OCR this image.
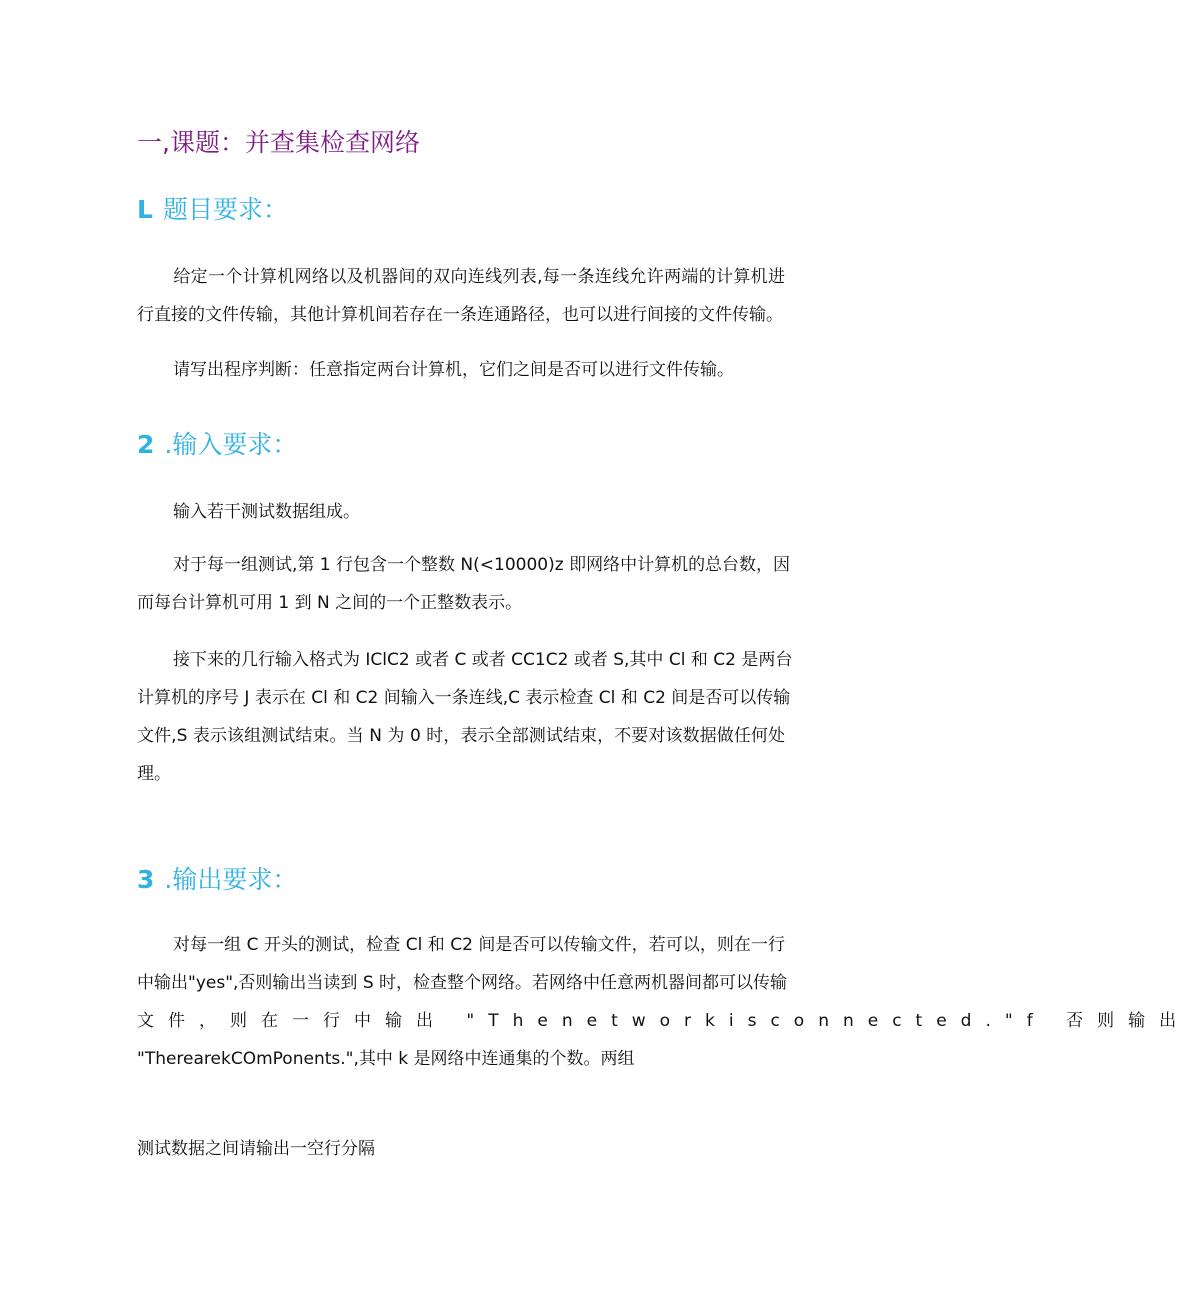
一,课题：并查集检查网络
L 题目要求：
给定一个计算机网络以及机器间的双向连线列表,每一条连线允许两端的计算机进
行直接的文件传输，其他计算机间若存在一条连通路径，也可以进行间接的文件传输。
请写出程序判断：任意指定两台计算机，它们之间是否可以进行文件传输。
2 .输入要求：
输入若干测试数据组成。
对于每一组测试,第 1 行包含一个整数 N(<10000)z 即网络中计算机的总台数，因
而每台计算机可用 1 到 N 之间的一个正整数表示。
接下来的几行输入格式为 IClC2 或者 C 或者 CC1C2 或者 S,其中 Cl 和 C2 是两台
计算机的序号 J 表示在 Cl 和 C2 间输入一条连线,C 表示检查 Cl 和 C2 间是否可以传输
文件,S 表示该组测试结束。当 N 为 0 时，表示全部测试结束，不要对该数据做任何处
理。
3 .输出要求：
对每一组 C 开头的测试，检查 Cl 和 C2 间是否可以传输文件，若可以，则在一行
中输出"yes",否则输出当读到 S 时，检查整个网络。若网络中任意两机器间都可以传输
文件，则在一行中输出 "Thenetworkisconnected."f 否则输出
"TherearekCOmPonents.",其中 k 是网络中连通集的个数。两组
测试数据之间请输出一空行分隔
